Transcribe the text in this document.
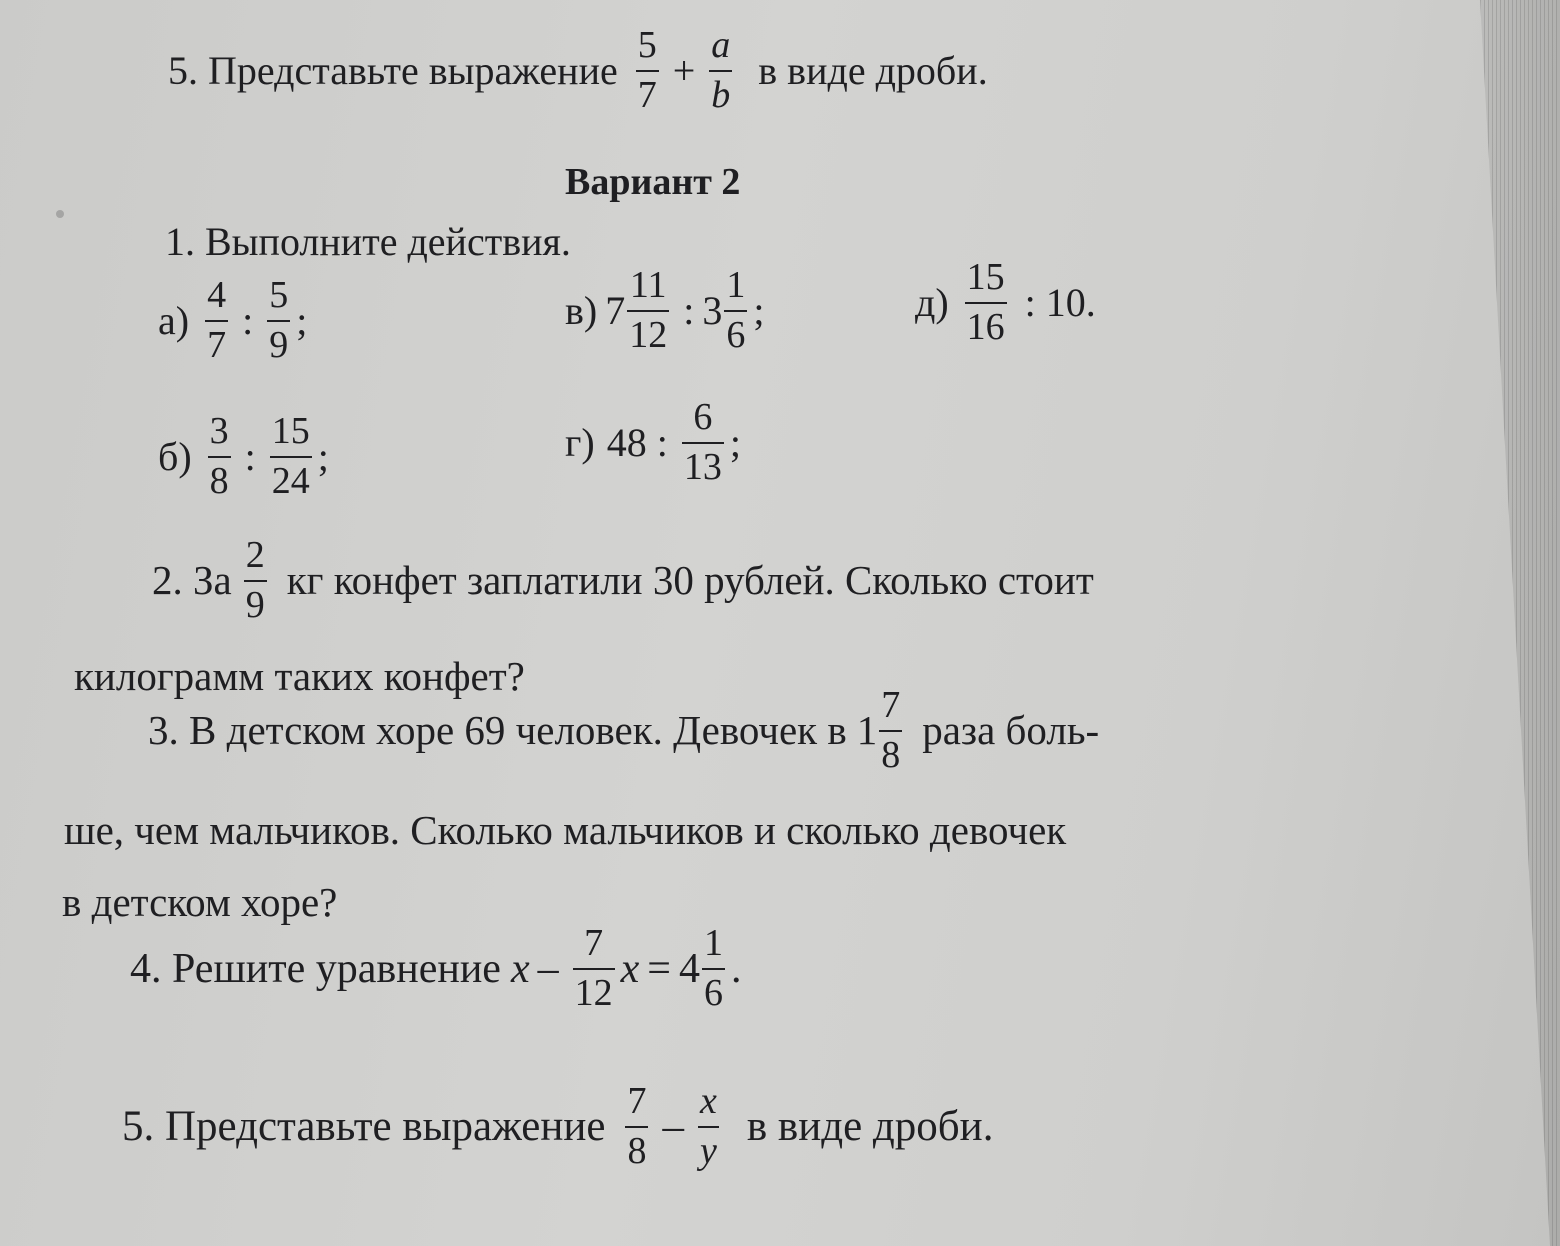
5. Представьте выражение $\frac{5}{7} + \frac{a}{b}$ в виде дроби.
Вариант 2
1. Выполните действия.
$а) \frac{4}{7}$ : $\frac{5}{9}$ ;	в) $7 \frac{11}{12}$ : $3 \frac{1}{6}$ ;	$д) \frac{15}{16}$ : 10.
$б) \frac{3}{8}$ : $\frac{15}{24}$ ;	г) 48 : $\frac{6}{13}$ ;
2. За $\frac{2}{9}$ кг конфет заплатили 30 рублей. Сколько стоит
килограмм таких конфет?
3. В детском хоре 69 человек. Девочек в $1 \frac{7}{8}$ раза боль-
ше, чем мальчиков. Сколько мальчиков и сколько девочек
в детском хоре?
4. Решите уравнение x – $\frac{7}{12}$ $x = 4 \frac{1}{6}$ .
5. Представьте выражение $\frac{7}{8} - \frac{x}{y}$ в виде дроби.
